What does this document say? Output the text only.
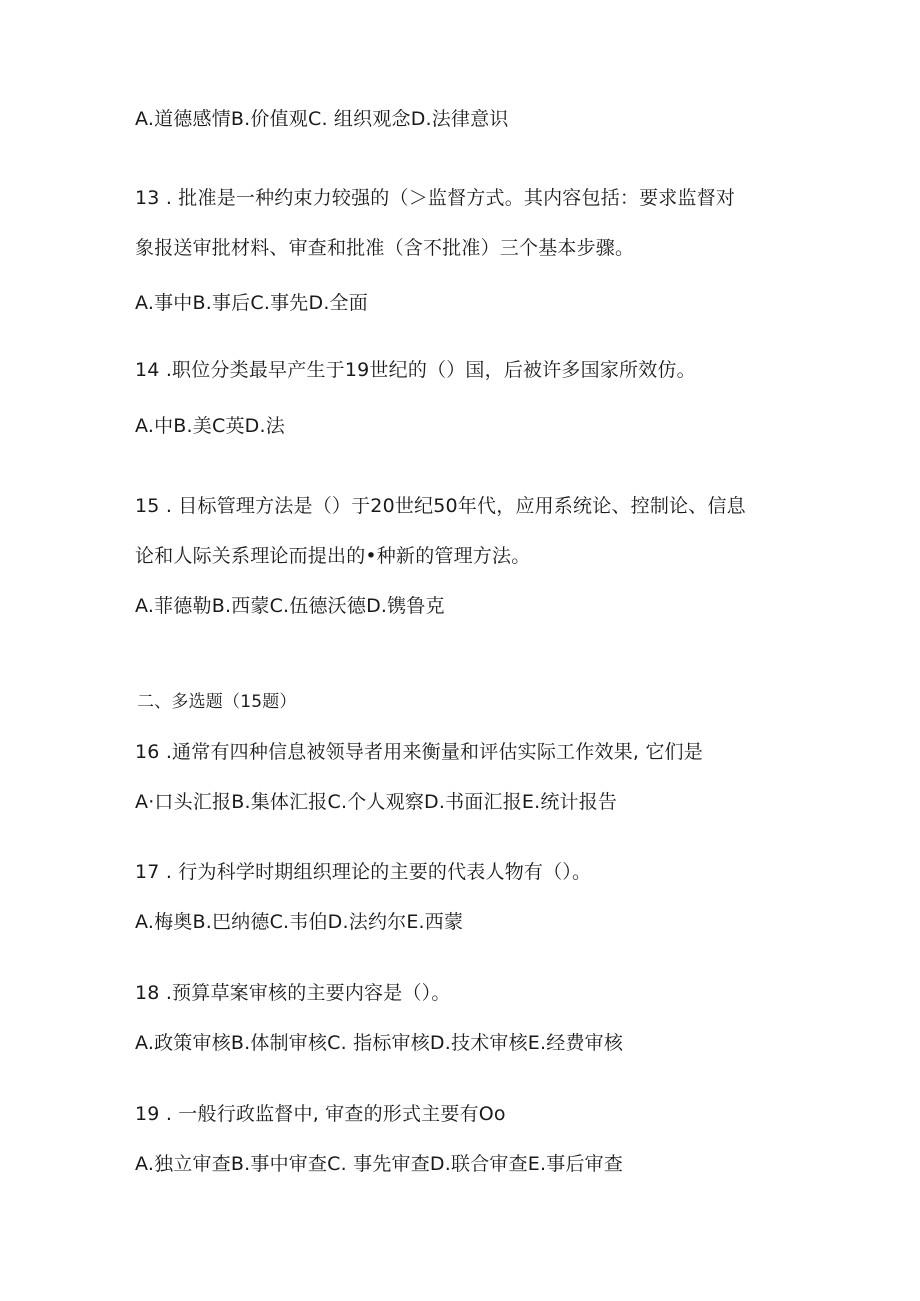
A.道德感情B.价值观C. 组织观念D.法律意识
13 . 批准是一种约束力较强的（＞监督方式。其内容包括：要求监督对
象报送审批材料、审查和批准（含不批准）三个基本步骤。
A.事中B.事后C.事先D.全面
14 .职位分类最早产生于19世纪的（）国，后被许多国家所效仿。
A.中B.美C英D.法
15 . 目标管理方法是（）于20世纪50年代，应用系统论、控制论、信息
论和人际关系理论而提出的•种新的管理方法。
A.菲德勒B.西蒙C.伍德沃德D.镌鲁克
二、多选题（15题）
16 .通常有四种信息被领导者用来衡量和评估实际工作效果, 它们是
A·口头汇报B.集体汇报C.个人观察D.书面汇报E.统计报告
17 . 行为科学时期组织理论的主要的代表人物有（）。
A.梅奥B.巴纳德C.韦伯D.法约尔E.西蒙
18 .预算草案审核的主要内容是（）。
A.政策审核B.体制审核C. 指标审核D.技术审核E.经费审核
19 . 一般行政监督中, 审查的形式主要有Oo
A.独立审查B.事中审查C. 事先审查D.联合审查E.事后审查
